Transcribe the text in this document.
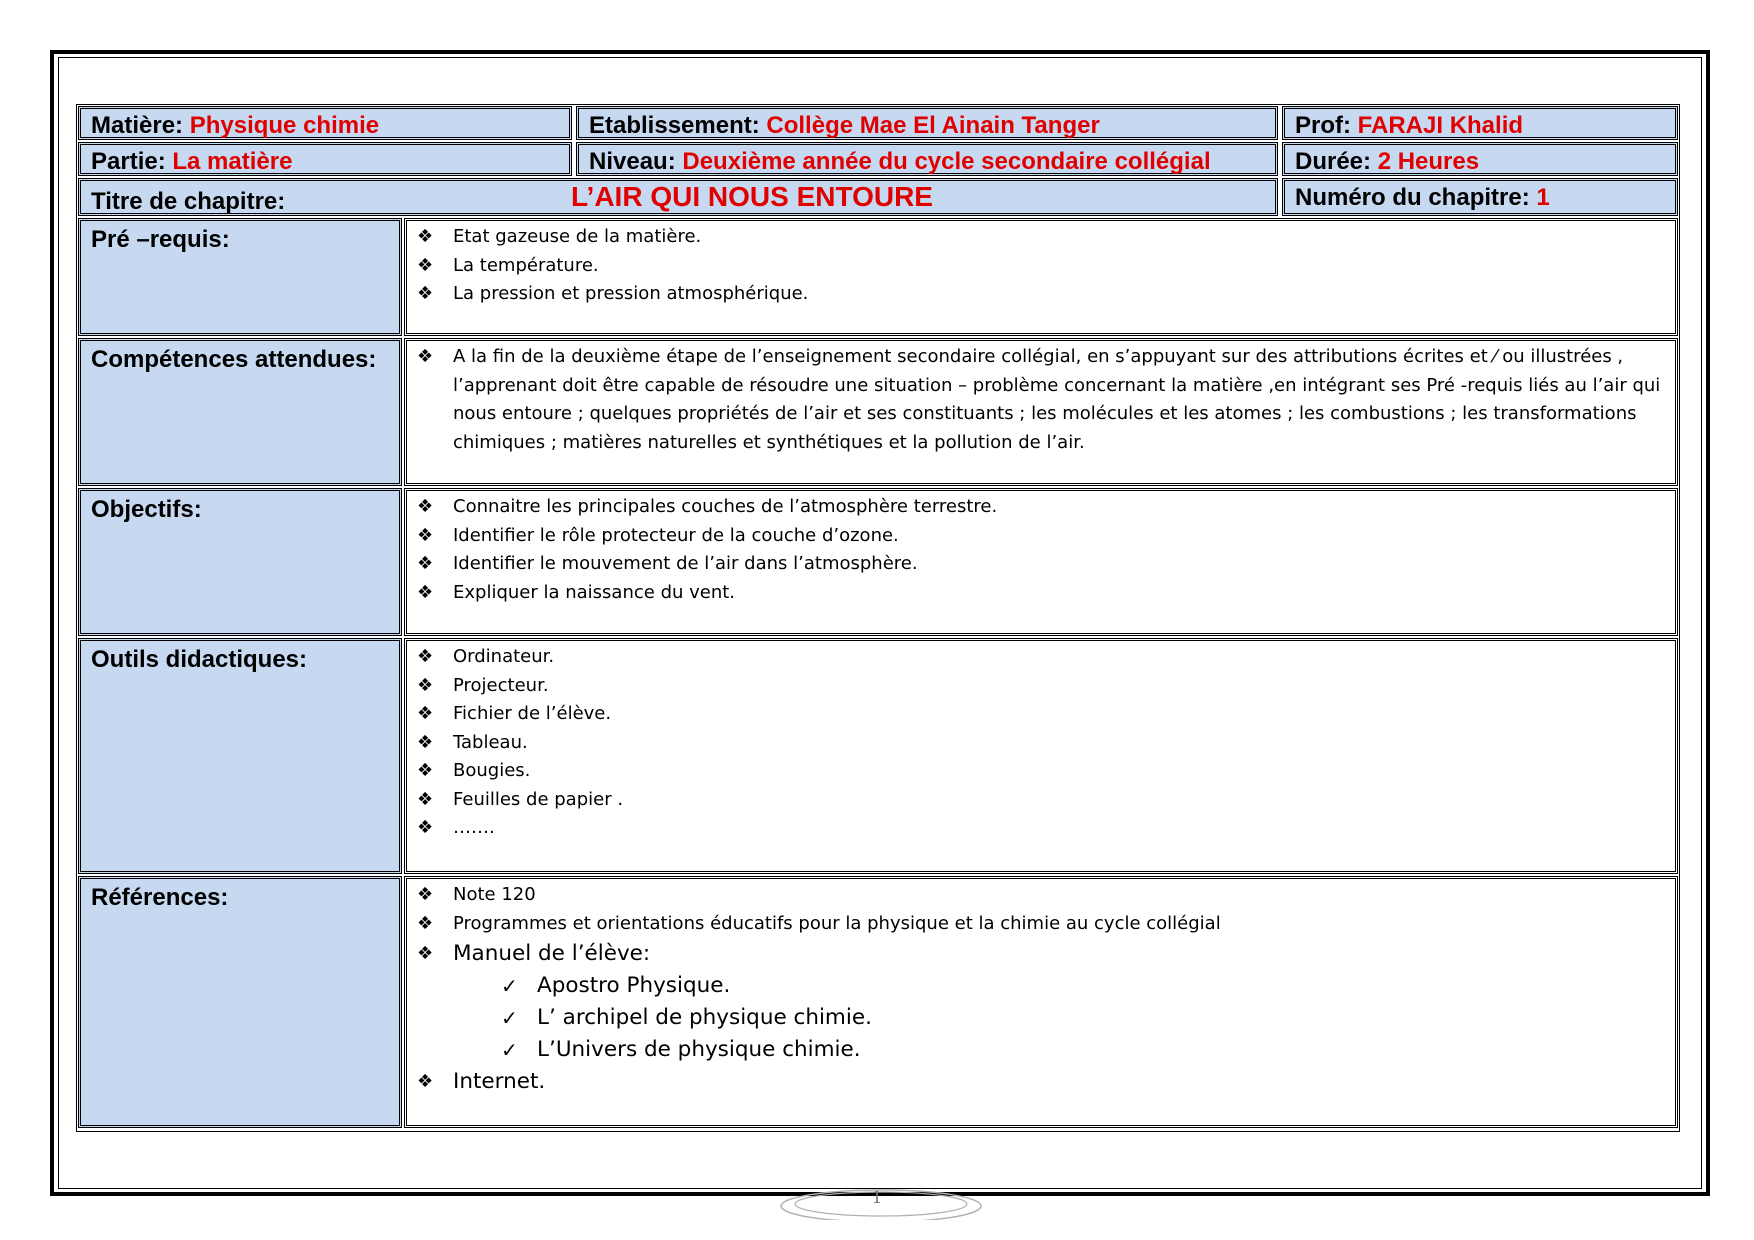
Matière: Physique chimie	Etablissement: Collège Mae El Ainain Tanger	Prof: FARAJI Khalid
Partie: La matière	Niveau: Deuxième année du cycle secondaire collégial	Durée: 2 Heures
Titre de chapitre:	L’AIR QUI NOUS ENTOURE	Numéro du chapitre: 1
Pré –requis:	❖ Etat gazeuse de la matière.
❖ La température.
❖ La pression et pression atmosphérique.
Compétences attendues:	❖ A la fin de la deuxième étape de l’enseignement secondaire collégial, en s’appuyant sur des attributions écrites et ⁄ ou illustrées , l’apprenant doit être capable de résoudre une situation – problème concernant la matière ,en intégrant ses Pré -requis liés au l’air qui nous entoure ; quelques propriétés de l’air et ses constituants ; les molécules et les atomes ; les combustions ; les transformations chimiques ; matières naturelles et synthétiques et la pollution de l’air.
Objectifs:	❖ Connaitre les principales couches de l’atmosphère terrestre.
❖ Identifier le rôle protecteur de la couche d’ozone.
❖ Identifier le mouvement de l’air dans l’atmosphère.
❖ Expliquer la naissance du vent.
Outils didactiques:	❖ Ordinateur.
❖ Projecteur.
❖ Fichier de l’élève.
❖ Tableau.
❖ Bougies.
❖ Feuilles de papier .
❖ …….
Références:	❖ Note 120
❖ Programmes et orientations éducatifs pour la physique et la chimie au cycle collégial
❖ Manuel de l’élève:
✓ Apostro Physique.
✓ L’ archipel de physique chimie.
✓ L’Univers de physique chimie.
❖ Internet.
1
